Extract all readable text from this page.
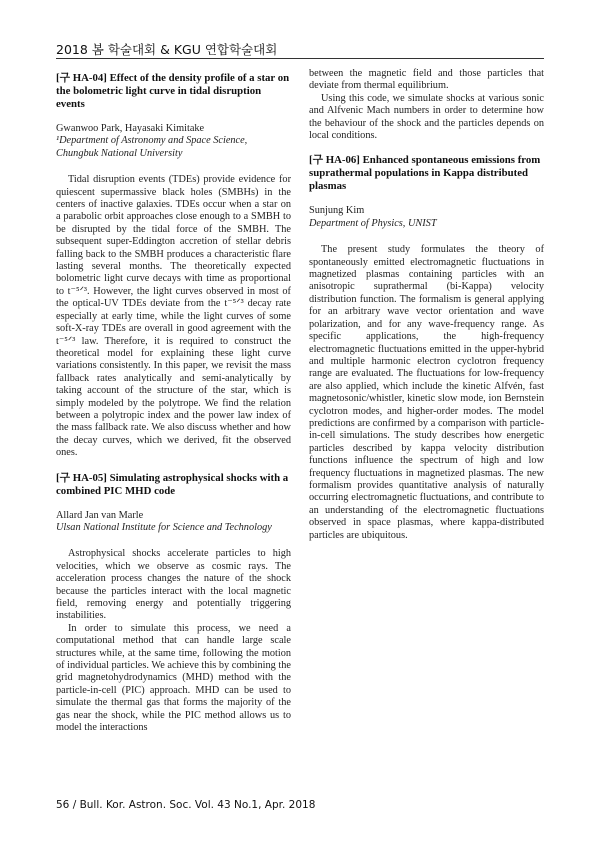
2018 봄 학술대회 & KGU 연합학술대회

[구 HA-04] Effect of the density profile of a star on the bolometric light curve in tidal disruption events

Gwanwoo Park, Hayasaki Kimitake

¹Department of Astronomy and Space Science, Chungbuk National University

Tidal disruption events (TDEs) provide evidence for quiescent supermassive black holes (SMBHs) in the centers of inactive galaxies. TDEs occur when a star on a parabolic orbit approaches close enough to a SMBH to be disrupted by the tidal force of the SMBH. The subsequent super-Eddington accretion of stellar debris falling back to the SMBH produces a characteristic flare lasting several months. The theoretically expected bolometric light curve decays with time as proportional to t⁻⁵ᐟ³. However, the light curves observed in most of the optical-UV TDEs deviate from the t⁻⁵ᐟ³ decay rate especially at early time, while the light curves of some soft-X-ray TDEs are overall in good agreement with the t⁻⁵ᐟ³ law. Therefore, it is required to construct the theoretical model for explaining these light curve variations consistently. In this paper, we revisit the mass fallback rates analytically and semi-analytically by taking account of the structure of the star, which is simply modeled by the polytrope. We find the relation between a polytropic index and the power law index of the mass fallback rate. We also discuss whether and how the decay curves, which we derived, fit the observed ones.

[구 HA-05] Simulating astrophysical shocks with a combined PIC MHD code

Allard Jan van Marle

Ulsan National Institute for Science and Technology

Astrophysical shocks accelerate particles to high velocities, which we observe as cosmic rays. The acceleration process changes the nature of the shock because the particles interact with the local magnetic field, removing energy and potentially triggering instabilities.

In order to simulate this process, we need a computational method that can handle large scale structures while, at the same time, following the motion of individual particles. We achieve this by combining the grid magnetohydrodynamics (MHD) method with the particle-in-cell (PIC) approach. MHD can be used to simulate the thermal gas that forms the majority of the gas near the shock, while the PIC method allows us to model the interactions

between the magnetic field and those particles that deviate from thermal equilibrium.

Using this code, we simulate shocks at various sonic and Alfvenic Mach numbers in order to determine how the behaviour of the shock and the particles depends on local conditions.

[구 HA-06] Enhanced spontaneous emissions from suprathermal populations in Kappa distributed plasmas

Sunjung Kim

Department of Physics, UNIST

The present study formulates the theory of spontaneously emitted electromagnetic fluctuations in magnetized plasmas containing particles with an anisotropic suprathermal (bi-Kappa) velocity distribution function. The formalism is general applying for an arbitrary wave vector orientation and wave polarization, and for any wave-frequency range. As specific applications, the high-frequency electromagnetic fluctuations emitted in the upper-hybrid and multiple harmonic electron cyclotron frequency range are evaluated. The fluctuations for low-frequency are also applied, which include the kinetic Alfvén, fast magnetosonic/whistler, kinetic slow mode, ion Bernstein cyclotron modes, and higher-order modes. The model predictions are confirmed by a comparison with particle-in-cell simulations. The study describes how energetic particles described by kappa velocity distribution functions influence the spectrum of high and low frequency fluctuations in magnetized plasmas. The new formalism provides quantitative analysis of naturally occurring electromagnetic fluctuations, and contribute to an understanding of the electromagnetic fluctuations observed in space plasmas, where kappa-distributed particles are ubiquitous.

56 / Bull. Kor. Astron. Soc. Vol. 43 No.1, Apr. 2018
